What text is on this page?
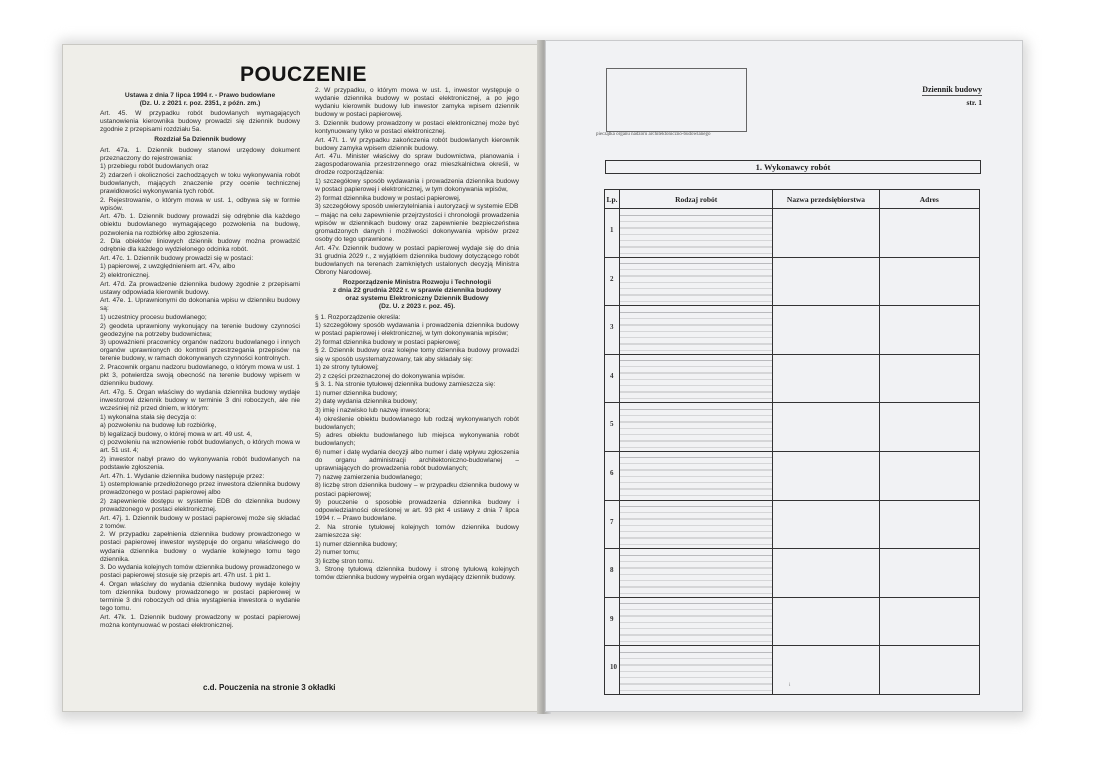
POUCZENIE

Ustawa z dnia 7 lipca 1994 r. - Prawo budowlane
(Dz. U. z 2021 r. poz. 2351, z późn. zm.)

Art. 45. W przypadku robót budowlanych wymagających ustanowienia kierownika budowy prowadzi się dziennik budowy zgodnie z przepisami rozdziału 5a.

Rozdział 5a Dziennik budowy

Art. 47a. 1. Dziennik budowy stanowi urzędowy dokument przeznaczony do rejestrowania:

1) przebiegu robót budowlanych oraz

2) zdarzeń i okoliczności zachodzących w toku wykonywania robót budowlanych, mających znaczenie przy ocenie technicznej prawidłowości wykonywania tych robót.

2. Rejestrowanie, o którym mowa w ust. 1, odbywa się w formie wpisów.

Art. 47b. 1. Dziennik budowy prowadzi się odrębnie dla każdego obiektu budowlanego wymagającego pozwolenia na budowę, pozwolenia na rozbiórkę albo zgłoszenia.

2. Dla obiektów liniowych dziennik budowy można prowadzić odrębnie dla każdego wydzielonego odcinka robót.

Art. 47c. 1. Dziennik budowy prowadzi się w postaci:

1) papierowej, z uwzględnieniem art. 47v, albo

2) elektronicznej.

Art. 47d. Za prowadzenie dziennika budowy zgodnie z przepisami ustawy odpowiada kierownik budowy.

Art. 47e. 1. Uprawnionymi do dokonania wpisu w dzienniku budowy są:

1) uczestnicy procesu budowlanego;

2) geodeta uprawniony wykonujący na terenie budowy czynności geodezyjne na potrzeby budownictwa;

3) upoważnieni pracownicy organów nadzoru budowlanego i innych organów uprawnionych do kontroli przestrzegania przepisów na terenie budowy, w ramach dokonywanych czynności kontrolnych.

2. Pracownik organu nadzoru budowlanego, o którym mowa w ust. 1 pkt 3, potwierdza swoją obecność na terenie budowy wpisem w dzienniku budowy.

Art. 47g. 5. Organ właściwy do wydania dziennika budowy wydaje inwestorowi dziennik budowy w terminie 3 dni roboczych, ale nie wcześniej niż przed dniem, w którym:

1) wykonalna stała się decyzja o:

a) pozwoleniu na budowę lub rozbiórkę,

b) legalizacji budowy, o której mowa w art. 49 ust. 4,

c) pozwoleniu na wznowienie robót budowlanych, o których mowa w art. 51 ust. 4;

2) inwestor nabył prawo do wykonywania robót budowlanych na podstawie zgłoszenia.

Art. 47h. 1. Wydanie dziennika budowy następuje przez:

1) ostemplowanie przedłożonego przez inwestora dziennika budowy prowadzonego w postaci papierowej albo

2) zapewnienie dostępu w systemie EDB do dziennika budowy prowadzonego w postaci elektronicznej.

Art. 47j. 1. Dziennik budowy w postaci papierowej może się składać z tomów.

2. W przypadku zapełnienia dziennika budowy prowadzonego w postaci papierowej inwestor występuje do organu właściwego do wydania dziennika budowy o wydanie kolejnego tomu tego dziennika.

3. Do wydania kolejnych tomów dziennika budowy prowadzonego w postaci papierowej stosuje się przepis art. 47h ust. 1 pkt 1.

4. Organ właściwy do wydania dziennika budowy wydaje kolejny tom dziennika budowy prowadzonego w postaci papierowej w terminie 3 dni roboczych od dnia wystąpienia inwestora o wydanie tego tomu.

Art. 47k. 1. Dziennik budowy prowadzony w postaci papierowej można kontynuować w postaci elektronicznej.

2. W przypadku, o którym mowa w ust. 1, inwestor występuje o wydanie dziennika budowy w postaci elektronicznej, a po jego wydaniu kierownik budowy lub inwestor zamyka wpisem dziennik budowy w postaci papierowej.

3. Dziennik budowy prowadzony w postaci elektronicznej może być kontynuowany tylko w postaci elektronicznej.

Art. 47l. 1. W przypadku zakończenia robót budowlanych kierownik budowy zamyka wpisem dziennik budowy.

Art. 47u. Minister właściwy do spraw budownictwa, planowania i zagospodarowania przestrzennego oraz mieszkalnictwa określi, w drodze rozporządzenia:

1) szczegółowy sposób wydawania i prowadzenia dziennika budowy w postaci papierowej i elektronicznej, w tym dokonywania wpisów,

2) format dziennika budowy w postaci papierowej,

3) szczegółowy sposób uwierzytelniania i autoryzacji w systemie EDB

– mając na celu zapewnienie przejrzystości i chronologii prowadzenia wpisów w dziennikach budowy oraz zapewnienie bezpieczeństwa gromadzonych danych i możliwości dokonywania wpisów przez osoby do tego uprawnione.

Art. 47v. Dziennik budowy w postaci papierowej wydaje się do dnia 31 grudnia 2029 r., z wyjątkiem dziennika budowy dotyczącego robót budowlanych na terenach zamkniętych ustalonych decyzją Ministra Obrony Narodowej.

Rozporządzenie Ministra Rozwoju i Technologii
z dnia 22 grudnia 2022 r. w sprawie dziennika budowy
oraz systemu Elektroniczny Dziennik Budowy
(Dz. U. z 2023 r. poz. 45).

§ 1. Rozporządzenie określa:

1) szczegółowy sposób wydawania i prowadzenia dziennika budowy w postaci papierowej i elektronicznej, w tym dokonywania wpisów;

2) format dziennika budowy w postaci papierowej;

§ 2. Dziennik budowy oraz kolejne tomy dziennika budowy prowadzi się w sposób usystematyzowany, tak aby składały się:

1) ze strony tytułowej;

2) z części przeznaczonej do dokonywania wpisów.

§ 3. 1. Na stronie tytułowej dziennika budowy zamieszcza się:

1) numer dziennika budowy;

2) datę wydania dziennika budowy;

3) imię i nazwisko lub nazwę inwestora;

4) określenie obiektu budowlanego lub rodzaj wykonywanych robót budowlanych;

5) adres obiektu budowlanego lub miejsca wykonywania robót budowlanych;

6) numer i datę wydania decyzji albo numer i datę wpływu zgłoszenia do organu administracji architektoniczno-budowlanej – uprawniających do prowadzenia robót budowlanych;

7) nazwę zamierzenia budowlanego;

8) liczbę stron dziennika budowy – w przypadku dziennika budowy w postaci papierowej;

9) pouczenie o sposobie prowadzenia dziennika budowy i odpowiedzialności określonej w art. 93 pkt 4 ustawy z dnia 7 lipca 1994 r. – Prawo budowlane.

2. Na stronie tytułowej kolejnych tomów dziennika budowy zamieszcza się:

1) numer dziennika budowy;

2) numer tomu;

3) liczbę stron tomu.

3. Stronę tytułową dziennika budowy i stronę tytułową kolejnych tomów dziennika budowy wypełnia organ wydający dziennik budowy.

c.d. Pouczenia na stronie 3 okładki
pieczątka organu nadzoru architektoniczno-budowlanego
Dziennik budowy
str. 1
1. Wykonawcy robót
Lp.	Rodzaj robót	Nazwa przedsiębiorstwa	Adres

1			

2			

3			

4			

5			

6			

7			

8			

9			

10			

i
